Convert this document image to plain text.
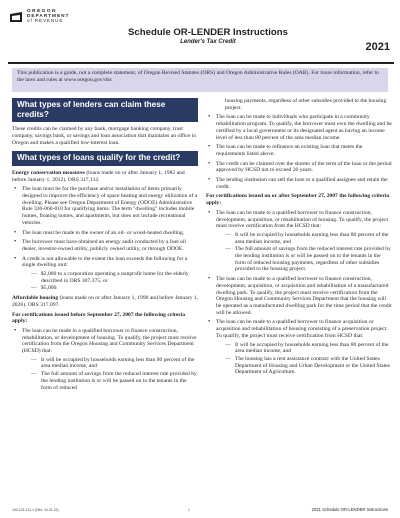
OREGON
DEPARTMENT
of REVENUE
Schedule OR-LENDER Instructions
Lender's Tax Credit	2021
This publication is a guide, not a complete statement, of Oregon Revised Statutes (ORS) and Oregon Administrative Rules (OAR). For more information, refer to the laws and rules at www.oregon.gov/dor.
What types of lenders can claim these credits?

These credits can be claimed by any bank, mortgage banking company, trust company, savings bank, or savings and loan association that maintains an office in Oregon and makes a qualified low-interest loan.

What types of loans qualify for the credit?

Energy conservation measures (loans made on or after January 1, 1982 and before January 1, 2012). ORS 317.112.

• The loan must be for the purchase and/or installation of items primarily designed to improve the efficiency of space heating and energy utilization of a dwelling. Please see Oregon Department of Energy (ODOE) Administrative Rule 330-060-010 for qualifying items. The term "dwelling" includes mobile homes, floating homes, and apartments, but does not include recreational vehicles.
• The loan must be made to the owner of an oil- or wood-heated dwelling.
• The borrower must have obtained an energy audit conducted by a fuel oil dealer, investor-owned utility, publicly owned utility, or through ODOE.
• A credit is not allowable to the extent the loan exceeds the following for a single dwelling unit:
— $2,000 to a corporation operating a nonprofit home for the elderly described in ORS 307.375, or
— $5,000.

Affordable housing (loans made on or after January 1, 1990 and before January 1, 2026). ORS 317.097.

For certifications issued before September 27, 2007 the following criteria apply:

• The loan can be made to a qualified borrower to finance construction, rehabilitation, or development of housing. To qualify, the project must receive certification from the Oregon Housing and Community Services Department (HCSD) that:
— It will be occupied by households earning less than 80 percent of the area median income, and
— The full amount of savings from the reduced interest rate provided by the lending institution is or will be passed on to the tenants in the form of reduced
housing payments, regardless of other subsidies provided to the housing project.
• The loan can be made to individuals who participate in a community rehabilitation program. To qualify, the borrower must own the dwelling and be certified by a local government or its designated agent as having an income level of less than 80 percent of the area median income.
• The loan can be made to refinance an existing loan that meets the requirements listed above.
• The credit can be claimed over the shorter of the term of the loan or the period approved by HCSD not to exceed 20 years.
• The lending institution can sell the loan to a qualified assignee and retain the credit.

For certifications issued on or after September 27, 2007 the following criteria apply:

• The loan can be made to a qualified borrower to finance construction, development, acquisition, or rehabilitation of housing. To qualify, the project must receive certification from the HCSD that:
— It will be occupied by households earning less than 80 percent of the area median income, and
— The full amount of savings from the reduced interest rate provided by the lending institution is or will be passed on to the tenants in the form of reduced housing payments, regardless of other subsidies provided to the housing project.
• The loan can be made to a qualified borrower to finance construction, development, acquisition, or acquisition and rehabilitation of a manufactured dwelling park. To qualify, the project must receive certification from the Oregon Housing and Community Services Department that the housing will be operated as a manufactured dwelling park for the time period that the credit will be allowed.
• The loan can be made to a qualified borrower to finance acquisition or acquisition and rehabilitation of housing consisting of a preservation project. To qualify, the project must receive certification from HCSD that:
— It will be occupied by households earning less than 80 percent of the area median income, and
— The housing has a rent assistance contract with the United States Department of Housing and Urban Development or the United States Department of Agriculture.
150-102-121-1 (Rev. 10-01-21)	1	2021 Schedule OR-LENDER Instructions
